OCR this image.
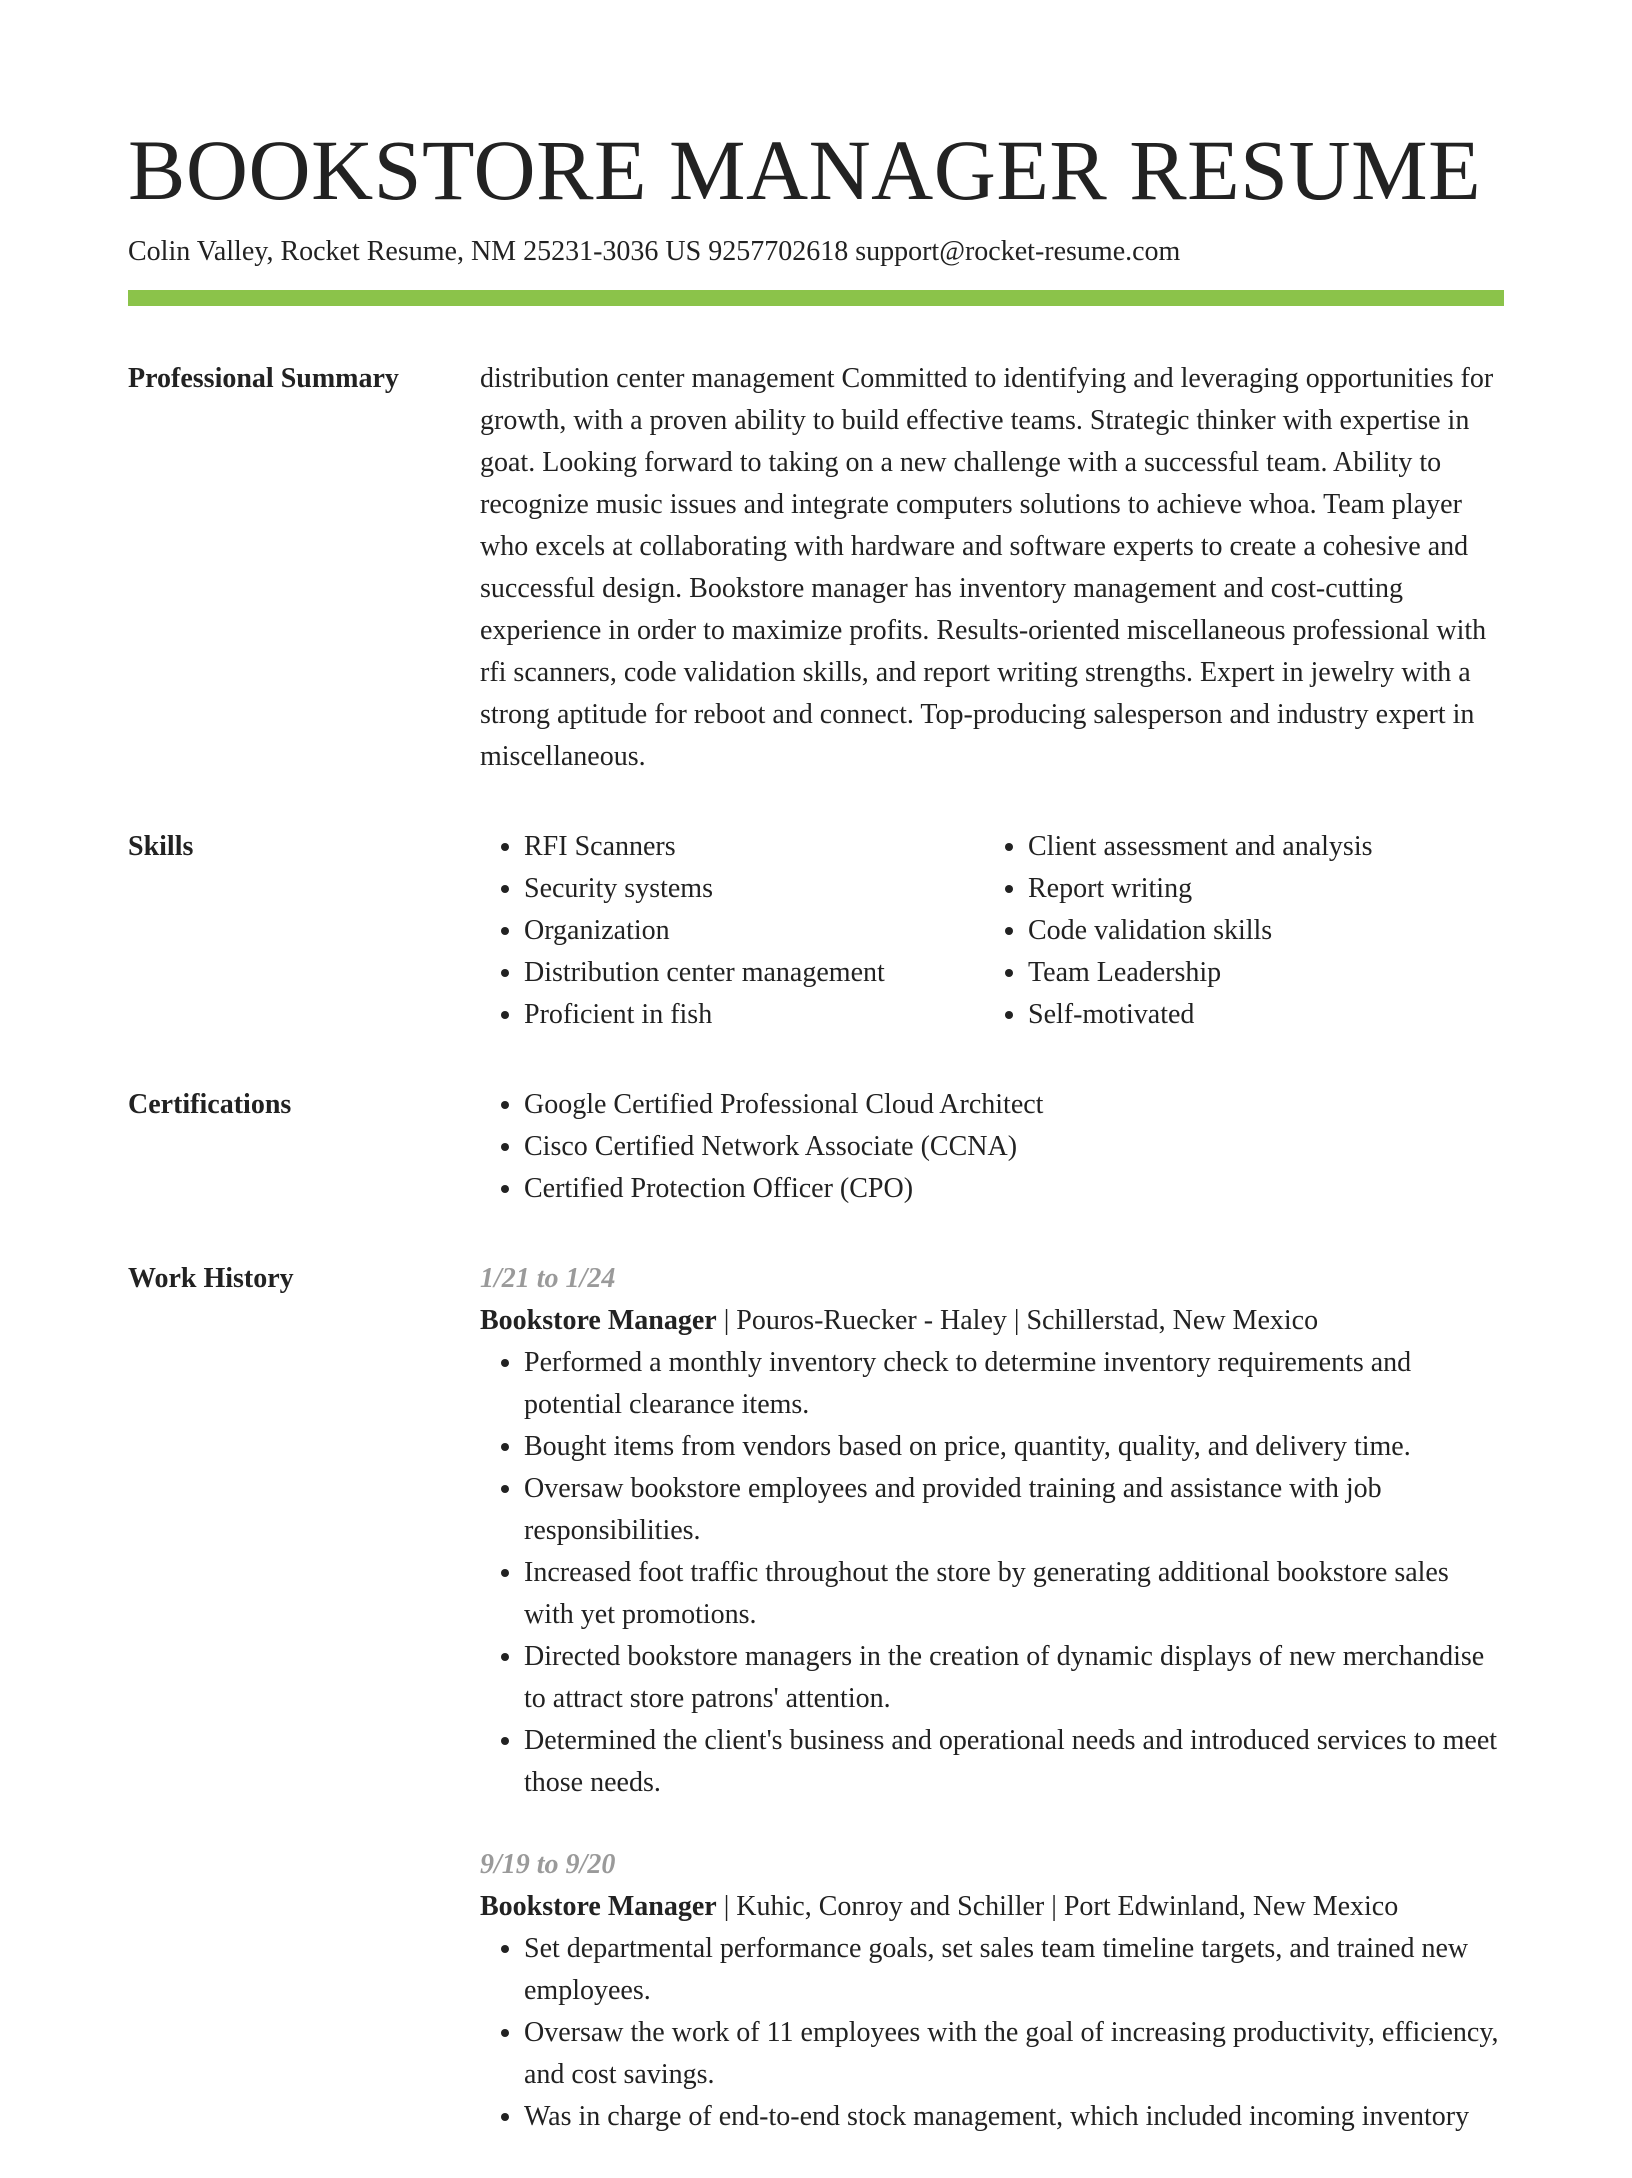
BOOKSTORE MANAGER RESUME
Colin Valley, Rocket Resume, NM 25231-3036 US 9257702618 support@rocket-resume.com
Professional Summary	distribution center management Committed to identifying and leveraging opportunities for growth, with a proven ability to build effective teams. Strategic thinker with expertise in goat. Looking forward to taking on a new challenge with a successful team. Ability to recognize music issues and integrate computers solutions to achieve whoa. Team player who excels at collaborating with hardware and software experts to create a cohesive and successful design. Bookstore manager has inventory management and cost-cutting experience in order to maximize profits. Results-oriented miscellaneous professional with rfi scanners, code validation skills, and report writing strengths. Expert in jewelry with a strong aptitude for reboot and connect. Top-producing salesperson and industry expert in miscellaneous.

Skills	• RFI Scanners
• Security systems
• Organization
• Distribution center management
• Proficient in fish
• Client assessment and analysis
• Report writing
• Code validation skills
• Team Leadership
• Self-motivated
Certifications	• Google Certified Professional Cloud Architect
• Cisco Certified Network Associate (CCNA)
• Certified Protection Officer (CPO)
Work History	1/21 to 1/24
Bookstore Manager | Pouros-Ruecker - Haley | Schillerstad, New Mexico
• Performed a monthly inventory check to determine inventory requirements and potential clearance items.
• Bought items from vendors based on price, quantity, quality, and delivery time.
• Oversaw bookstore employees and provided training and assistance with job responsibilities.
• Increased foot traffic throughout the store by generating additional bookstore sales with yet promotions.
• Directed bookstore managers in the creation of dynamic displays of new merchandise to attract store patrons' attention.
• Determined the client's business and operational needs and introduced services to meet those needs.
9/19 to 9/20
Bookstore Manager | Kuhic, Conroy and Schiller | Port Edwinland, New Mexico
• Set departmental performance goals, set sales team timeline targets, and trained new employees.
• Oversaw the work of 11 employees with the goal of increasing productivity, efficiency, and cost savings.
• Was in charge of end-to-end stock management, which included incoming inventory
